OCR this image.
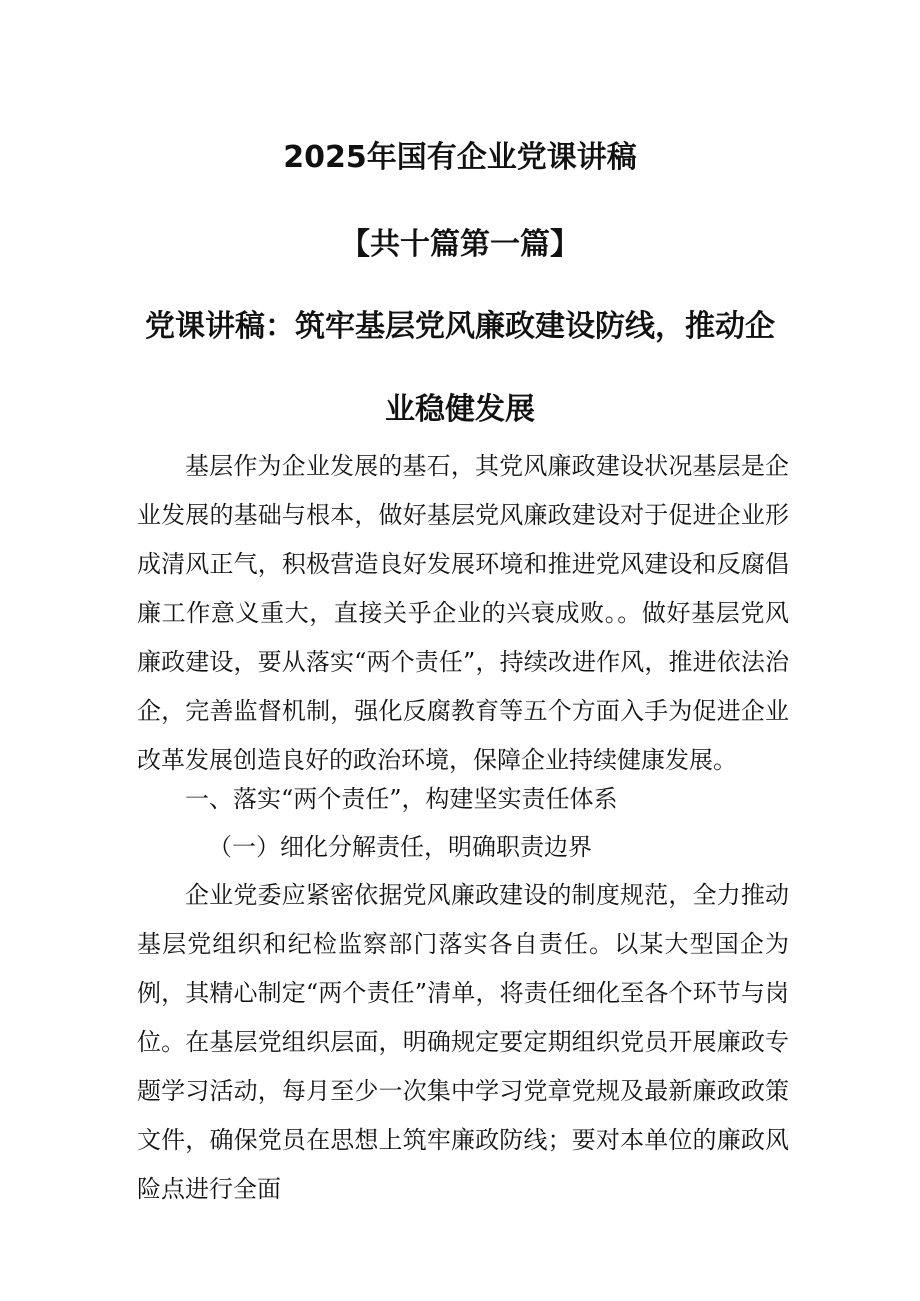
2025年国有企业党课讲稿
【共十篇第一篇】
党课讲稿：筑牢基层党风廉政建设防线，推动企
业稳健发展

基层作为企业发展的基石，其党风廉政建设状况基层是企业发展的基础与根本，做好基层党风廉政建设对于促进企业形成清风正气，积极营造良好发展环境和推进党风建设和反腐倡廉工作意义重大，直接关乎企业的兴衰成败。。做好基层党风廉政建设，要从落实“两个责任”，持续改进作风，推进依法治企，完善监督机制，强化反腐教育等五个方面入手为促进企业改革发展创造良好的政治环境，保障企业持续健康发展。

一、落实“两个责任”，构建坚实责任体系

（一）细化分解责任，明确职责边界

企业党委应紧密依据党风廉政建设的制度规范，全力推动基层党组织和纪检监察部门落实各自责任。以某大型国企为例，其精心制定“两个责任”清单，将责任细化至各个环节与岗位。在基层党组织层面，明确规定要定期组织党员开展廉政专题学习活动，每月至少一次集中学习党章党规及最新廉政政策文件，确保党员在思想上筑牢廉政防线；要对本单位的廉政风险点进行全面
